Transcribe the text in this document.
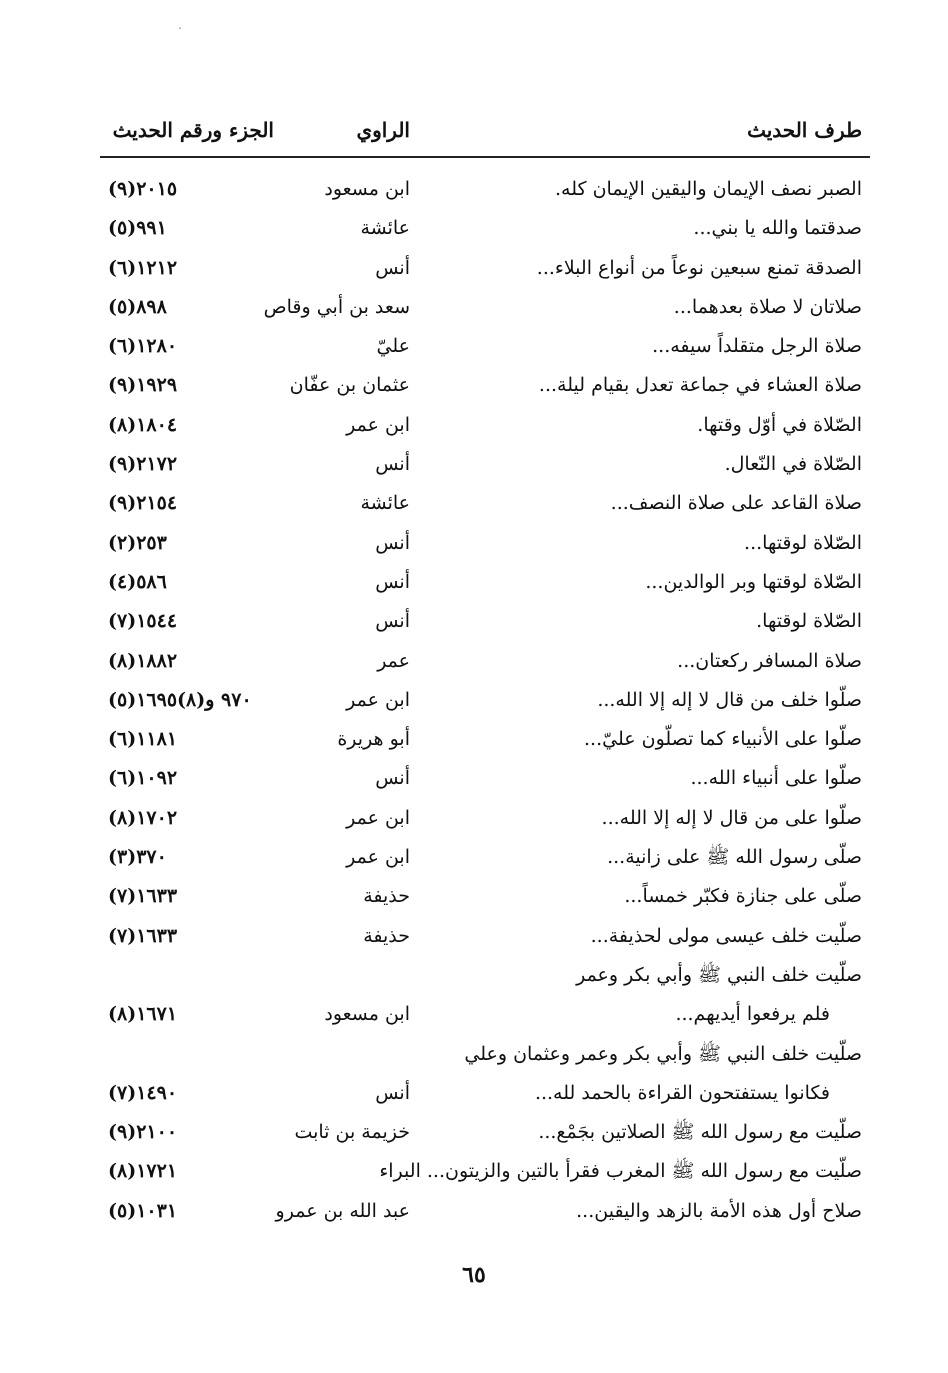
.
طرف الحديث
الراوي
الجزء ورقم الحديث
الصبر نصف الإيمان واليقين الإيمان كله.
ابن مسعود
(٩)٢٠١٥
صدقتما والله يا بني...
عائشة
(٥)٩٩١
الصدقة تمنع سبعين نوعاً من أنواع البلاء...
أنس
(٦)١٢١٢
صلاتان لا صلاة بعدهما...
سعد بن أبي وقاص
(٥)٨٩٨
صلاة الرجل متقلداً سيفه...
عليّ
(٦)١٢٨٠
صلاة العشاء في جماعة تعدل بقيام ليلة...
عثمان بن عفّان
(٩)١٩٢٩
الصّلاة في أوّل وقتها.
ابن عمر
(٨)١٨٠٤
الصّلاة في النّعال.
أنس
(٩)٢١٧٢
صلاة القاعد على صلاة النصف...
عائشة
(٩)٢١٥٤
الصّلاة لوقتها...
أنس
(٢)٢٥٣
الصّلاة لوقتها وبر الوالدين...
أنس
(٤)٥٨٦
الصّلاة لوقتها.
أنس
(٧)١٥٤٤
صلاة المسافر ركعتان...
عمر
(٨)١٨٨٢
صلّوا خلف من قال لا إله إلا الله...
ابن عمر
(٥)٩٧٠ و(٨)١٦٩٥
صلّوا على الأنبياء كما تصلّون عليّ...
أبو هريرة
(٦)١١٨١
صلّوا على أنبياء الله...
أنس
(٦)١٠٩٢
صلّوا على من قال لا إله إلا الله...
ابن عمر
(٨)١٧٠٢
صلّى رسول الله ﷺ على زانية...
ابن عمر
(٣)٣٧٠
صلّى على جنازة فكبّر خمساً...
حذيفة
(٧)١٦٣٣
صلّيت خلف عيسى مولى لحذيفة...
حذيفة
(٧)١٦٣٣
صلّيت خلف النبي ﷺ وأبي بكر وعمر
فلم يرفعوا أيديهم...
ابن مسعود
(٨)١٦٧١
صلّيت خلف النبي ﷺ وأبي بكر وعمر وعثمان وعلي
فكانوا يستفتحون القراءة بالحمد لله...
أنس
(٧)١٤٩٠
صلّيت مع رسول الله ﷺ الصلاتين بجَمْع...
خزيمة بن ثابت
(٩)٢١٠٠
صلّيت مع رسول الله ﷺ المغرب فقرأ بالتين والزيتون... البراء
(٨)١٧٢١
صلاح أول هذه الأمة بالزهد واليقين...
عبد الله بن عمرو
(٥)١٠٣١
٦٥
